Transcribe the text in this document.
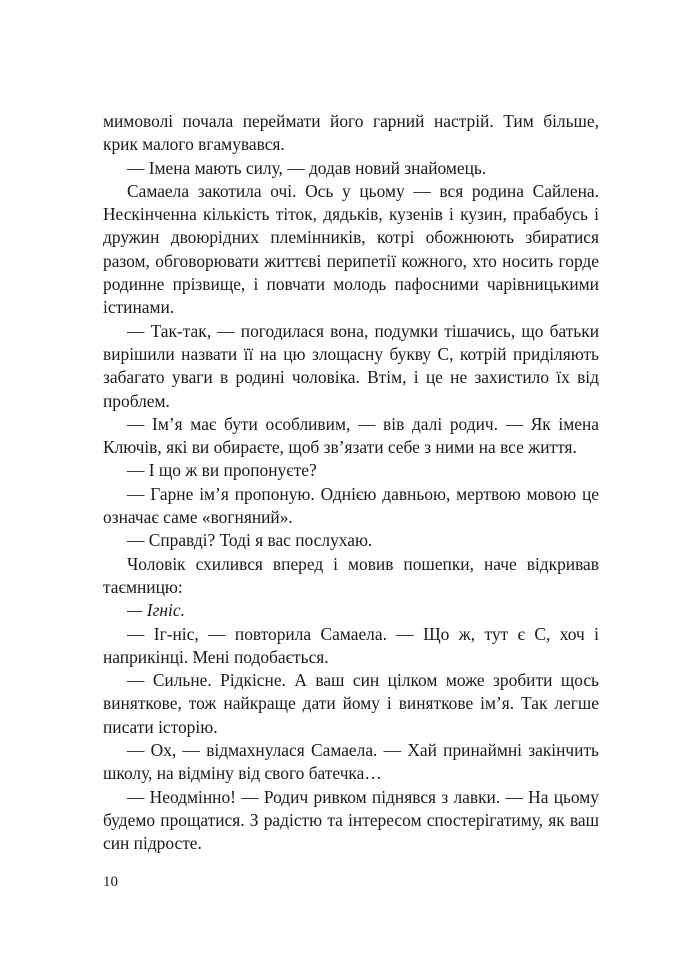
мимоволі почала переймати його гарний настрій. Тим більше, крик малого вгамувався.

— Імена мають силу, — додав новий знайомець.

Самаела закотила очі. Ось у цьому — вся родина Сайлена. Нескінченна кількість тіток, дядьків, кузенів і кузин, прабабусь і дружин двоюрідних племінників, котрі обожнюють збиратися разом, обговорювати життєві перипетії кожного, хто носить горде родинне прізвище, і повчати молодь пафосними чарівницькими істинами.

— Так-так, — погодилася вона, подумки тішачись, що батьки вирішили назвати її на цю злощасну букву С, котрій приділяють забагато уваги в родині чоловіка. Втім, і це не захистило їх від проблем.

— Ім’я має бути особливим, — вів далі родич. — Як імена Ключів, які ви обираєте, щоб зв’язати себе з ними на все життя.

— І що ж ви пропонуєте?

— Гарне ім’я пропоную. Однією давньою, мертвою мовою це означає саме «вогняний».

— Справді? Тоді я вас послухаю.

Чоловік схилився вперед і мовив пошепки, наче відкривав таємницю:

— Ігніс.

— Іг-ніс, — повторила Самаела. — Що ж, тут є С, хоч і наприкінці. Мені подобається.

— Сильне. Рідкісне. А ваш син цілком може зробити щось виняткове, тож найкраще дати йому і виняткове ім’я. Так легше писати історію.

— Ох, — відмахнулася Самаела. — Хай принаймні закінчить школу, на відміну від свого батечка…

— Неодмінно! — Родич ривком піднявся з лавки. — На цьому будемо прощатися. З радістю та інтересом спостерігатиму, як ваш син підросте.

10
